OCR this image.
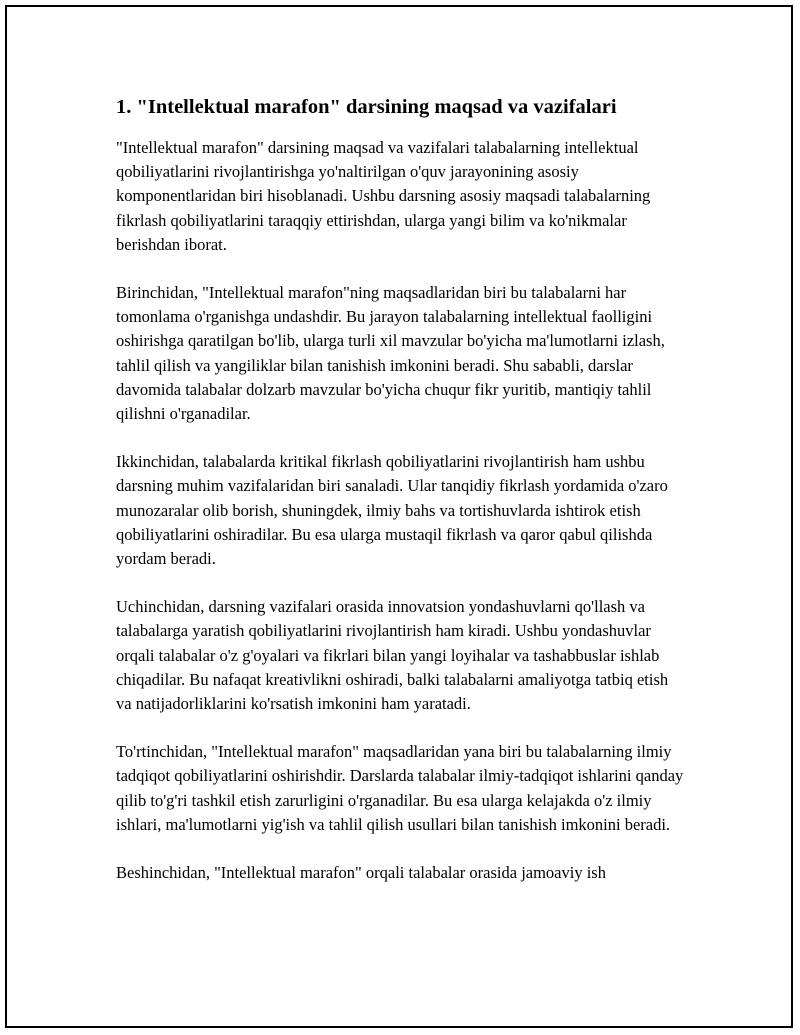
1. "Intellektual marafon" darsining maqsad va vazifalari

"Intellektual marafon" darsining maqsad va vazifalari talabalarning intellektual qobiliyatlarini rivojlantirishga yo'naltirilgan o'quv jarayonining asosiy komponentlaridan biri hisoblanadi. Ushbu darsning asosiy maqsadi talabalarning fikrlash qobiliyatlarini taraqqiy ettirishdan, ularga yangi bilim va ko'nikmalar berishdan iborat.

Birinchidan, "Intellektual marafon"ning maqsadlaridan biri bu talabalarni har tomonlama o'rganishga undashdir. Bu jarayon talabalarning intellektual faolligini oshirishga qaratilgan bo'lib, ularga turli xil mavzular bo'yicha ma'lumotlarni izlash, tahlil qilish va yangiliklar bilan tanishish imkonini beradi. Shu sababli, darslar davomida talabalar dolzarb mavzular bo'yicha chuqur fikr yuritib, mantiqiy tahlil qilishni o'rganadilar.

Ikkinchidan, talabalarda kritikal fikrlash qobiliyatlarini rivojlantirish ham ushbu darsning muhim vazifalaridan biri sanaladi. Ular tanqidiy fikrlash yordamida o'zaro munozaralar olib borish, shuningdek, ilmiy bahs va tortishuvlarda ishtirok etish qobiliyatlarini oshiradilar. Bu esa ularga mustaqil fikrlash va qaror qabul qilishda yordam beradi.

Uchinchidan, darsning vazifalari orasida innovatsion yondashuvlarni qo'llash va talabalarga yaratish qobiliyatlarini rivojlantirish ham kiradi. Ushbu yondashuvlar orqali talabalar o'z g'oyalari va fikrlari bilan yangi loyihalar va tashabbuslar ishlab chiqadilar. Bu nafaqat kreativlikni oshiradi, balki talabalarni amaliyotga tatbiq etish va natijadorliklarini ko'rsatish imkonini ham yaratadi.

To'rtinchidan, "Intellektual marafon" maqsadlaridan yana biri bu talabalarning ilmiy tadqiqot qobiliyatlarini oshirishdir. Darslarda talabalar ilmiy-tadqiqot ishlarini qanday qilib to'g'ri tashkil etish zarurligini o'rganadilar. Bu esa ularga kelajakda o'z ilmiy ishlari, ma'lumotlarni yig'ish va tahlil qilish usullari bilan tanishish imkonini beradi.

Beshinchidan, "Intellektual marafon" orqali talabalar orasida jamoaviy ish
